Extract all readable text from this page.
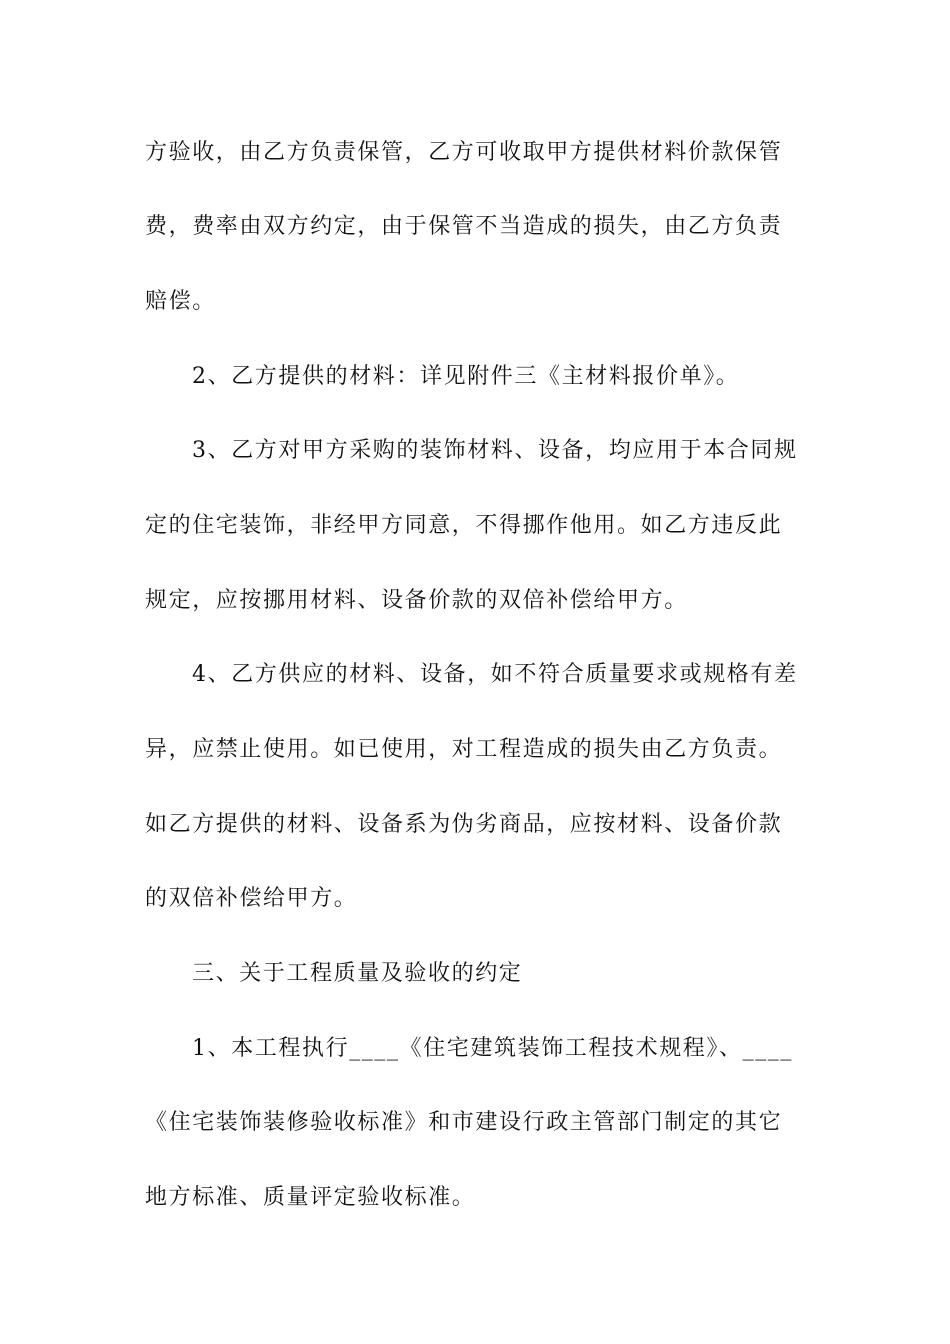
方验收，由乙方负责保管，乙方可收取甲方提供材料价款保管
费，费率由双方约定，由于保管不当造成的损失，由乙方负责
赔偿。
2、乙方提供的材料：详见附件三《主材料报价单》。
3、乙方对甲方采购的装饰材料、设备，均应用于本合同规
定的住宅装饰，非经甲方同意，不得挪作他用。如乙方违反此
规定，应按挪用材料、设备价款的双倍补偿给甲方。
4、乙方供应的材料、设备，如不符合质量要求或规格有差
异，应禁止使用。如已使用，对工程造成的损失由乙方负责。
如乙方提供的材料、设备系为伪劣商品，应按材料、设备价款
的双倍补偿给甲方。
三、关于工程质量及验收的约定
1、本工程执行____《住宅建筑装饰工程技术规程》、____
《住宅装饰装修验收标准》和市建设行政主管部门制定的其它
地方标准、质量评定验收标准。
